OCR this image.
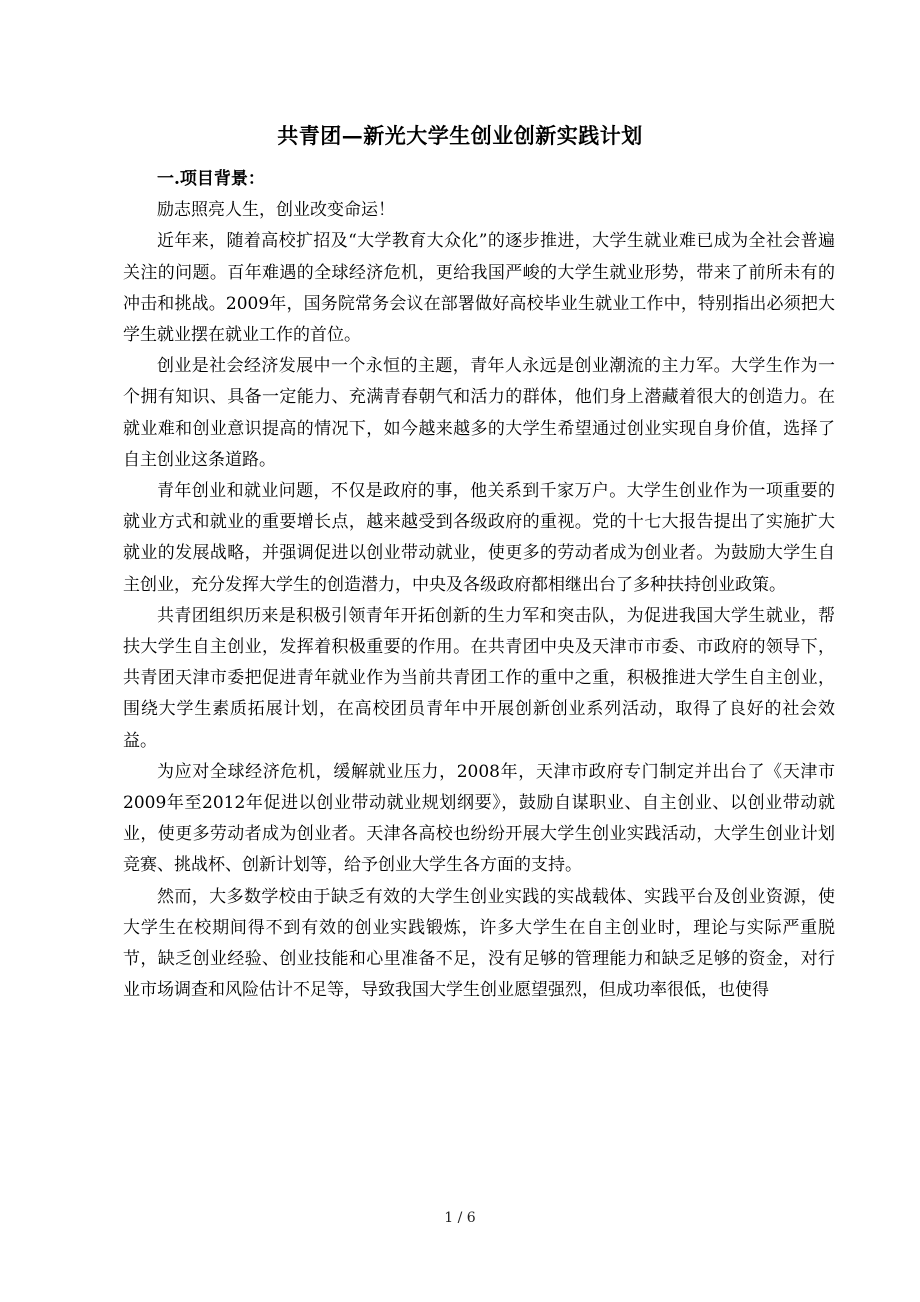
共青团—新光大学生创业创新实践计划

一.项目背景：

励志照亮人生，创业改变命运！

近年来，随着高校扩招及“大学教育大众化”的逐步推进，大学生就业难已成为全社会普遍关注的问题。百年难遇的全球经济危机，更给我国严峻的大学生就业形势，带来了前所未有的冲击和挑战。2009年，国务院常务会议在部署做好高校毕业生就业工作中，特别指出必须把大学生就业摆在就业工作的首位。

创业是社会经济发展中一个永恒的主题，青年人永远是创业潮流的主力军。大学生作为一个拥有知识、具备一定能力、充满青春朝气和活力的群体，他们身上潜藏着很大的创造力。在就业难和创业意识提高的情况下，如今越来越多的大学生希望通过创业实现自身价值，选择了自主创业这条道路。

青年创业和就业问题，不仅是政府的事，他关系到千家万户。大学生创业作为一项重要的就业方式和就业的重要增长点，越来越受到各级政府的重视。党的十七大报告提出了实施扩大就业的发展战略，并强调促进以创业带动就业，使更多的劳动者成为创业者。为鼓励大学生自主创业，充分发挥大学生的创造潜力，中央及各级政府都相继出台了多种扶持创业政策。

共青团组织历来是积极引领青年开拓创新的生力军和突击队，为促进我国大学生就业，帮扶大学生自主创业，发挥着积极重要的作用。在共青团中央及天津市市委、市政府的领导下，共青团天津市委把促进青年就业作为当前共青团工作的重中之重，积极推进大学生自主创业，围绕大学生素质拓展计划，在高校团员青年中开展创新创业系列活动，取得了良好的社会效益。

为应对全球经济危机，缓解就业压力，2008年，天津市政府专门制定并出台了《天津市2009年至2012年促进以创业带动就业规划纲要》，鼓励自谋职业、自主创业、以创业带动就业，使更多劳动者成为创业者。天津各高校也纷纷开展大学生创业实践活动，大学生创业计划竞赛、挑战杯、创新计划等，给予创业大学生各方面的支持。

然而，大多数学校由于缺乏有效的大学生创业实践的实战载体、实践平台及创业资源，使大学生在校期间得不到有效的创业实践锻炼，许多大学生在自主创业时，理论与实际严重脱节，缺乏创业经验、创业技能和心里准备不足，没有足够的管理能力和缺乏足够的资金，对行业市场调查和风险估计不足等，导致我国大学生创业愿望强烈，但成功率很低，也使得

1 / 6
